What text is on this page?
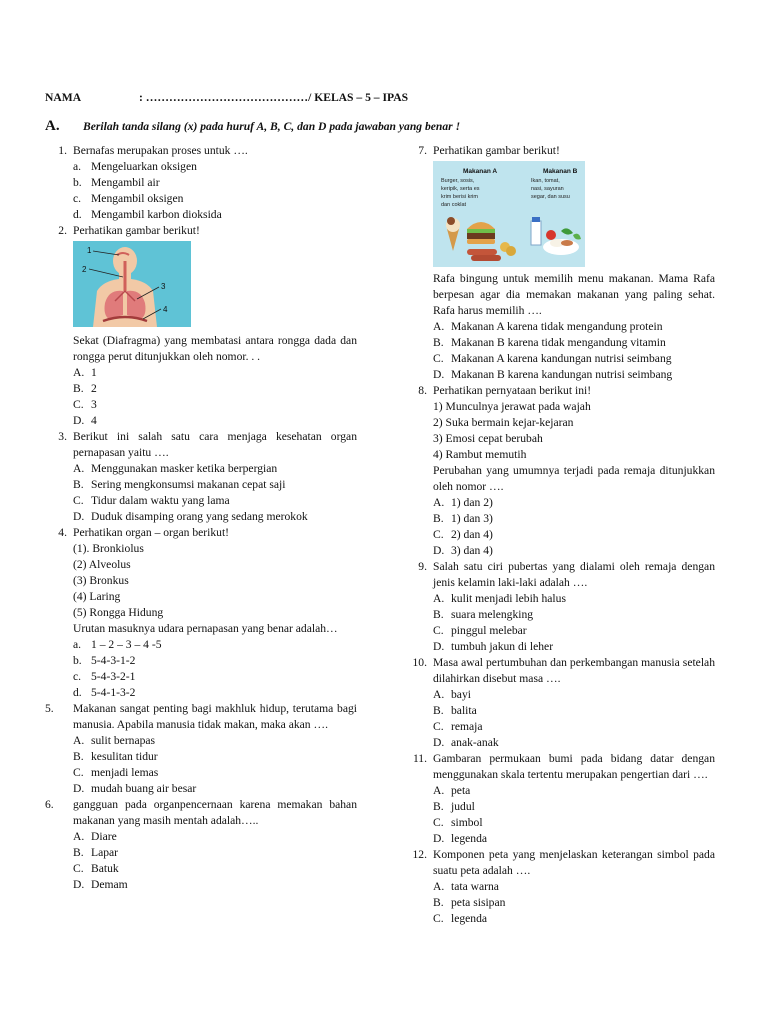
NAMA	: ……………………………………/ KELAS – 5 – IPAS
A. Berilah tanda silang (x) pada huruf A, B, C, dan D pada jawaban yang benar !
1. Bernafas merupakan proses untuk ….
a. Mengeluarkan oksigen
b. Mengambil air
c. Mengambil oksigen
d. Mengambil karbon dioksida
2. Perhatikan gambar berikut!
1
2
3
4
Sekat (Diafragma) yang membatasi antara rongga dada dan rongga perut ditunjukkan oleh nomor. . .
A. 1
B. 2
C. 3
D. 4
3. Berikut ini salah satu cara menjaga kesehatan organ pernapasan yaitu ….
A. Menggunakan masker ketika berpergian
B. Sering mengkonsumsi makanan cepat saji
C. Tidur dalam waktu yang lama
D. Duduk disamping orang yang sedang merokok
4. Perhatikan organ – organ berikut!
(1). Bronkiolus
(2) Alveolus
(3) Bronkus
(4) Laring
(5) Rongga Hidung
Urutan masuknya udara pernapasan yang benar adalah…
a. 1 – 2 – 3 – 4 -5
b. 5-4-3-1-2
c. 5-4-3-2-1
d. 5-4-1-3-2
5.	Makanan sangat penting bagi makhluk hidup, terutama bagi manusia. Apabila manusia tidak makan, maka akan ….
A. sulit bernapas
B. kesulitan tidur
C. menjadi lemas
D. mudah buang air besar
6.	gangguan pada organpencernaan karena memakan bahan makanan yang masih mentah adalah…..
A. Diare
B. Lapar
C. Batuk
D. Demam
7. Perhatikan gambar berikut!
Makanan A	Makanan B
Burger, sosis,
keripik, serta es
krim berisi krim
dan coklat
Ikan, tomat,
nasi, sayuran
segar, dan susu
Rafa bingung untuk memilih menu makanan. Mama Rafa berpesan agar dia memakan makanan yang paling sehat. Rafa harus memilih ….
A. Makanan A karena tidak mengandung protein
B. Makanan B karena tidak mengandung vitamin
C. Makanan A karena kandungan nutrisi seimbang
D. Makanan B karena kandungan nutrisi seimbang
8. Perhatikan pernyataan berikut ini!
1) Munculnya jerawat pada wajah
2) Suka bermain kejar-kejaran
3) Emosi cepat berubah
4) Rambut memutih
Perubahan yang umumnya terjadi pada remaja ditunjukkan oleh nomor ….
A. 1) dan 2)
B. 1) dan 3)
C. 2) dan 4)
D. 3) dan 4)
9. Salah satu ciri pubertas yang dialami oleh remaja dengan jenis kelamin laki-laki adalah ….
A. kulit menjadi lebih halus
B. suara melengking
C. pinggul melebar
D. tumbuh jakun di leher
10. Masa awal pertumbuhan dan perkembangan manusia setelah dilahirkan disebut masa ….
A. bayi
B. balita
C. remaja
D. anak-anak
11. Gambaran permukaan bumi pada bidang datar dengan menggunakan skala tertentu merupakan pengertian dari ….
A. peta
B. judul
C. simbol
D. legenda
12. Komponen peta yang menjelaskan keterangan simbol pada suatu peta adalah ….
A. tata warna
B. peta sisipan
C. legenda
